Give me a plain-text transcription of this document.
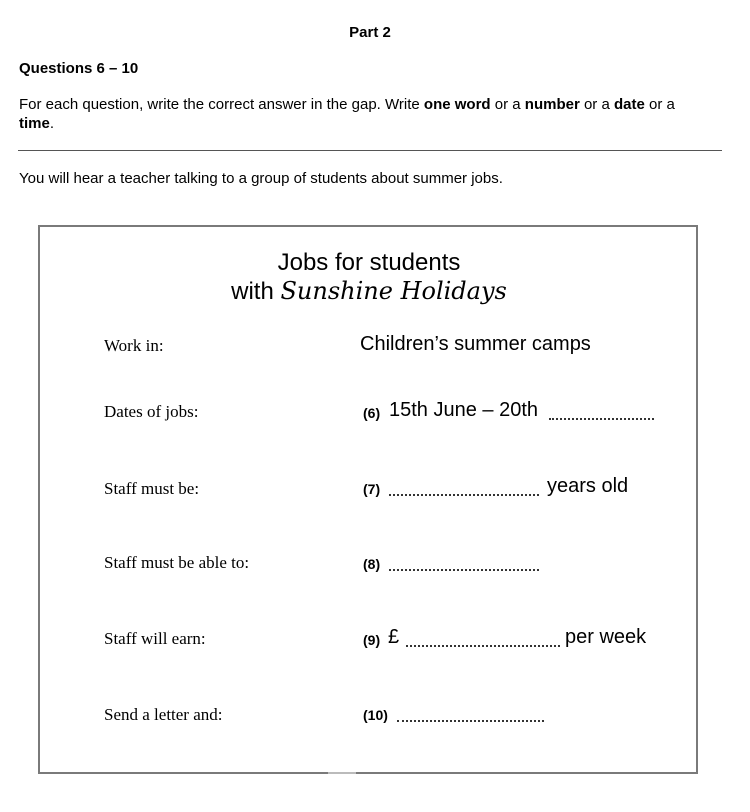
Part 2
Questions 6 – 10
For each question, write the correct answer in the gap. Write one word or a number or a date or a
time.
You will hear a teacher talking to a group of students about summer jobs.
Jobs for students
with Sunshine Holidays
Work in:	Children’s summer camps
Dates of jobs:	(6) 15th June – 20th
Staff must be:	(7)	years old
Staff must be able to:	(8)
Staff will earn:	(9) £	per week
Send a letter and:	(10)
